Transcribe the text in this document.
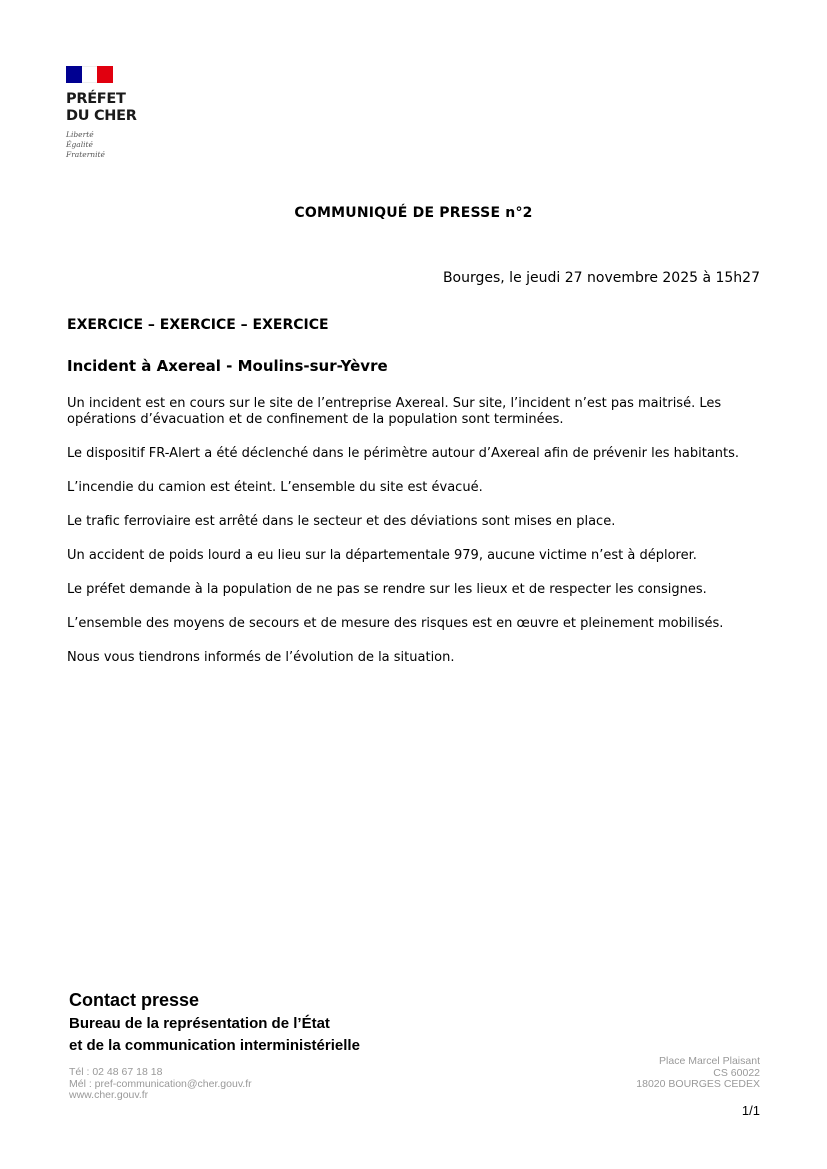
PRÉFET
DU CHER
Liberté
Égalité
Fraternité
COMMUNIQUÉ DE PRESSE n°2
Bourges, le jeudi 27 novembre 2025 à 15h27
EXERCICE – EXERCICE – EXERCICE
Incident à Axereal - Moulins-sur-Yèvre

Un incident est en cours sur le site de l’entreprise Axereal. Sur site, l’incident n’est pas maitrisé. Les opérations d’évacuation et de confinement de la population sont terminées.

Le dispositif FR-Alert a été déclenché dans le périmètre autour d’Axereal afin de prévenir les habitants.

L’incendie du camion est éteint. L’ensemble du site est évacué.

Le trafic ferroviaire est arrêté dans le secteur et des déviations sont mises en place.

Un accident de poids lourd a eu lieu sur la départementale 979, aucune victime n’est à déplorer.

Le préfet demande à la population de ne pas se rendre sur les lieux et de respecter les consignes.

L’ensemble des moyens de secours et de mesure des risques est en œuvre et pleinement mobilisés.

Nous vous tiendrons informés de l’évolution de la situation.

Contact presse
Bureau de la représentation de l’État
et de la communication interministérielle
Tél : 02 48 67 18 18
Mél : pref-communication@cher.gouv.fr
www.cher.gouv.fr
Place Marcel Plaisant
CS 60022
18020 BOURGES CEDEX
1/1
